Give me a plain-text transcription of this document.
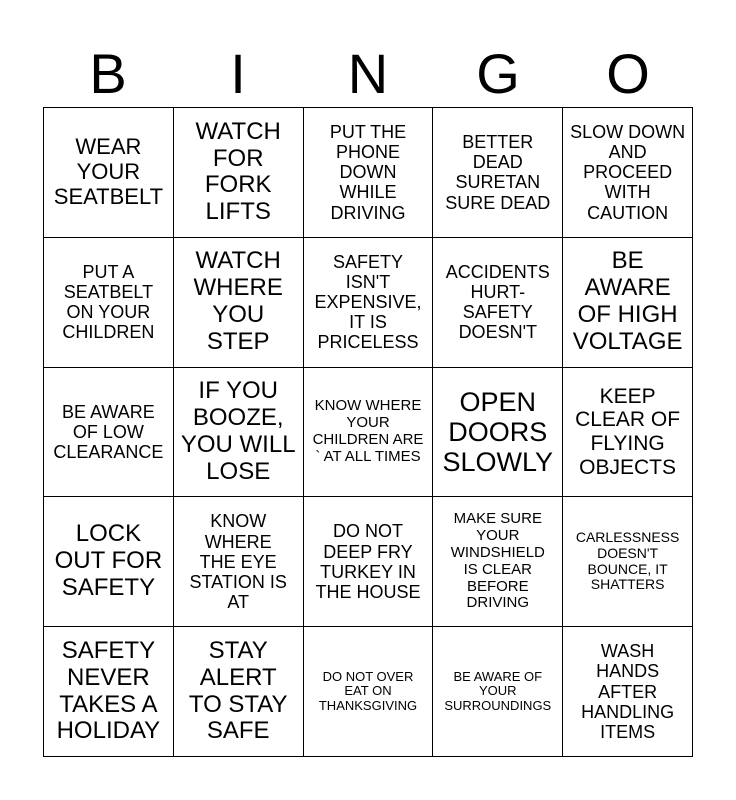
B	I	N	G	O
WEAR YOUR SEATBELT
WATCH FOR FORK LIFTS
PUT THE PHONE DOWN WHILE DRIVING
BETTER DEAD SURETAN SURE DEAD
SLOW DOWN AND PROCEED WITH CAUTION
PUT A SEATBELT ON YOUR CHILDREN
WATCH WHERE YOU STEP
SAFETY ISN'T EXPENSIVE, IT IS PRICELESS
ACCIDENTS HURT- SAFETY DOESN'T
BE AWARE OF HIGH VOLTAGE
BE AWARE OF LOW CLEARANCE
IF YOU BOOZE, YOU WILL LOSE
KNOW WHERE YOUR CHILDREN ARE ` AT ALL TIMES
OPEN DOORS SLOWLY
KEEP CLEAR OF FLYING OBJECTS
LOCK OUT FOR SAFETY
KNOW WHERE THE EYE STATION IS AT
DO NOT DEEP FRY TURKEY IN THE HOUSE
MAKE SURE YOUR WINDSHIELD IS CLEAR BEFORE DRIVING
CARLESSNESS DOESN'T BOUNCE, IT SHATTERS
SAFETY NEVER TAKES A HOLIDAY
STAY ALERT TO STAY SAFE
DO NOT OVER EAT ON THANKSGIVING
BE AWARE OF YOUR SURROUNDINGS
WASH HANDS AFTER HANDLING ITEMS
